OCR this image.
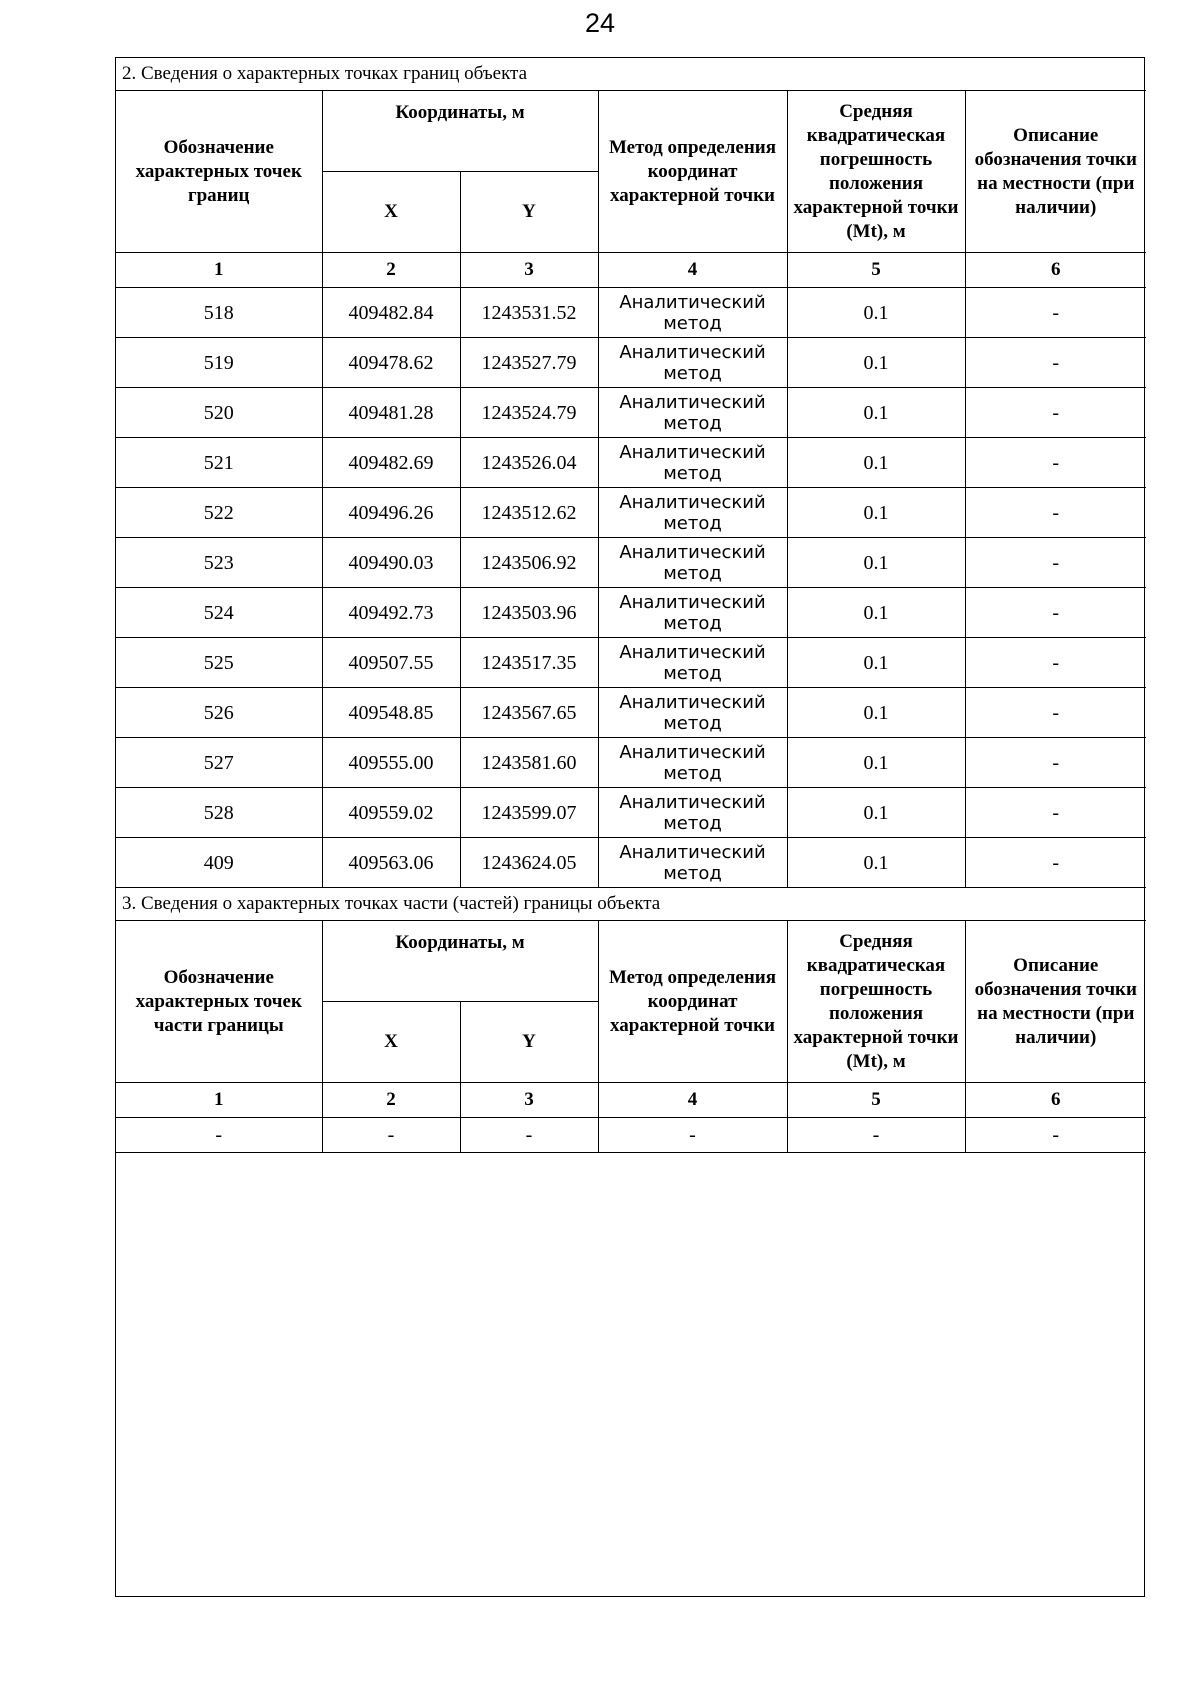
24
2. Сведения о характерных точках границ объекта					
Обозначение характерных точек границ	Координаты, м		Метод определения координат характерной точки	Средняя квадратическая погрешность положения характерной точки (Mt), м	Описание обозначения точки на местности (при наличии)
	X	Y			
1	2	3	4	5	6
518	409482.84	1243531.52	Аналитический метод	0.1	-
519	409478.62	1243527.79	Аналитический метод	0.1	-
520	409481.28	1243524.79	Аналитический метод	0.1	-
521	409482.69	1243526.04	Аналитический метод	0.1	-
522	409496.26	1243512.62	Аналитический метод	0.1	-
523	409490.03	1243506.92	Аналитический метод	0.1	-
524	409492.73	1243503.96	Аналитический метод	0.1	-
525	409507.55	1243517.35	Аналитический метод	0.1	-
526	409548.85	1243567.65	Аналитический метод	0.1	-
527	409555.00	1243581.60	Аналитический метод	0.1	-
528	409559.02	1243599.07	Аналитический метод	0.1	-
409	409563.06	1243624.05	Аналитический метод	0.1	-
3. Сведения о характерных точках части (частей) границы объекта					
Обозначение характерных точек части границы	Координаты, м		Метод определения координат характерной точки	Средняя квадратическая погрешность положения характерной точки (Mt), м	Описание обозначения точки на местности (при наличии)
	X	Y			
1	2	3	4	5	6
-	-	-	-	-	-
